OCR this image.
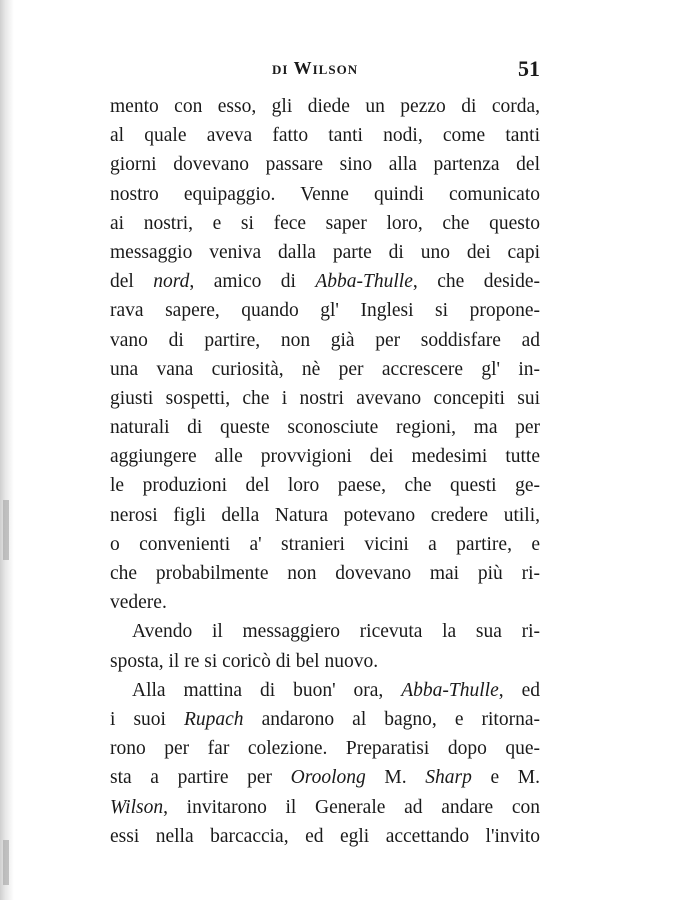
di Wilson	51
mento con esso, gli diede un pezzo di corda,
al quale aveva fatto tanti nodi, come tanti
giorni dovevano passare sino alla partenza del
nostro equipaggio. Venne quindi comunicato
ai nostri, e si fece saper loro, che questo
messaggio veniva dalla parte di uno dei capi
del nord, amico di Abba-Thulle, che deside-
rava sapere, quando gl' Inglesi si propone-
vano di partire, non già per soddisfare ad
una vana curiosità, nè per accrescere gl' in-
giusti sospetti, che i nostri avevano concepiti sui
naturali di queste sconosciute regioni, ma per
aggiungere alle provvigioni dei medesimi tutte
le produzioni del loro paese, che questi ge-
nerosi figli della Natura potevano credere utili,
o convenienti a' stranieri vicini a partire, e
che probabilmente non dovevano mai più ri-
vedere.
Avendo il messaggiero ricevuta la sua ri-
sposta, il re si coricò di bel nuovo.
Alla mattina di buon' ora, Abba-Thulle, ed
i suoi Rupach andarono al bagno, e ritorna-
rono per far colezione. Preparatisi dopo que-
sta a partire per Oroolong M. Sharp e M.
Wilson, invitarono il Generale ad andare con
essi nella barcaccia, ed egli accettando l'invito
